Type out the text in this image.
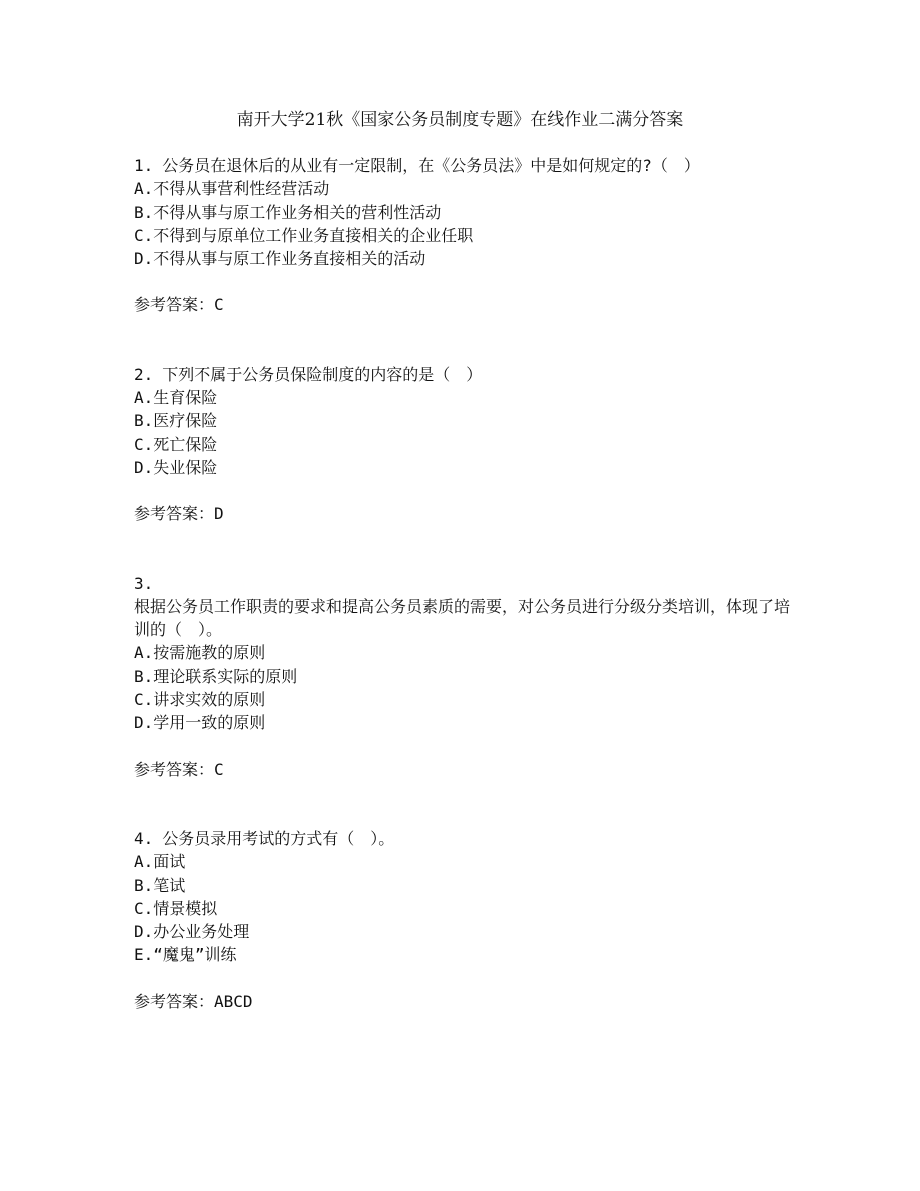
南开大学21秋《国家公务员制度专题》在线作业二满分答案
1. 公务员在退休后的从业有一定限制，在《公务员法》中是如何规定的?（　）
A.不得从事营利性经营活动
B.不得从事与原工作业务相关的营利性活动
C.不得到与原单位工作业务直接相关的企业任职
D.不得从事与原工作业务直接相关的活动
参考答案：C
2. 下列不属于公务员保险制度的内容的是（　）
A.生育保险
B.医疗保险
C.死亡保险
D.失业保险
参考答案：D
3.
根据公务员工作职责的要求和提高公务员素质的需要，对公务员进行分级分类培训，体现了培训的（　）。
A.按需施教的原则
B.理论联系实际的原则
C.讲求实效的原则
D.学用一致的原则
参考答案：C
4. 公务员录用考试的方式有（　）。
A.面试
B.笔试
C.情景模拟
D.办公业务处理
E.“魔鬼”训练
参考答案：ABCD
